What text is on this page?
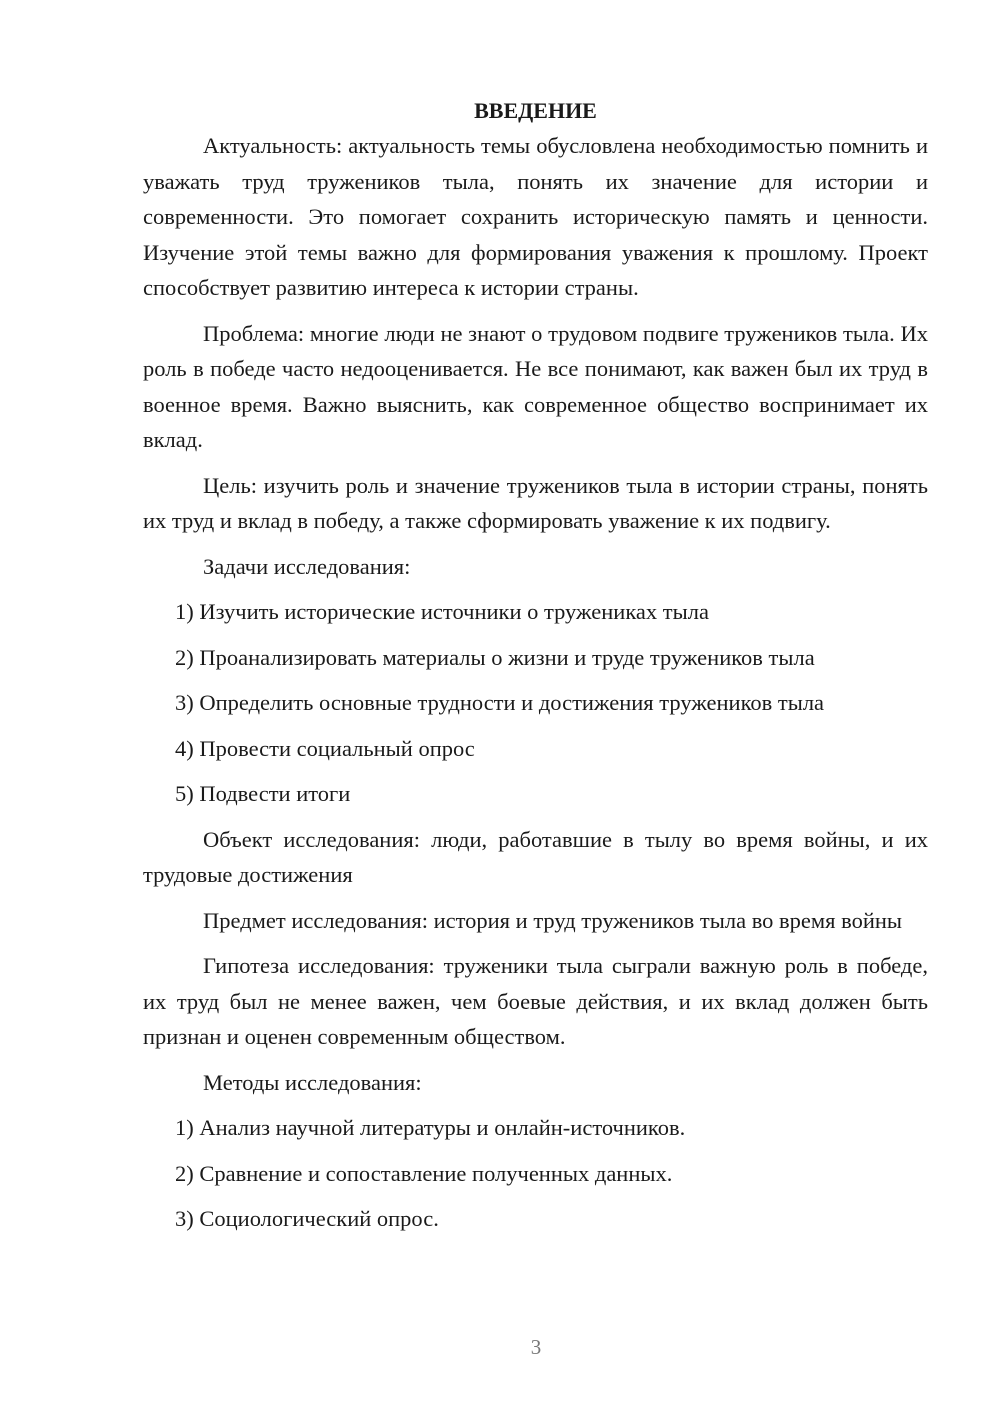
ВВЕДЕНИЕ

Актуальность: актуальность темы обусловлена необходимостью помнить и уважать труд тружеников тыла, понять их значение для истории и современности. Это помогает сохранить историческую память и ценности. Изучение этой темы важно для формирования уважения к прошлому. Проект способствует развитию интереса к истории страны.

Проблема: многие люди не знают о трудовом подвиге тружеников тыла. Их роль в победе часто недооценивается. Не все понимают, как важен был их труд в военное время. Важно выяснить, как современное общество воспринимает их вклад.

Цель: изучить роль и значение тружеников тыла в истории страны, понять их труд и вклад в победу, а также сформировать уважение к их подвигу.

Задачи исследования:
1) Изучить исторические источники о тружениках тыла
2) Проанализировать материалы о жизни и труде тружеников тыла
3) Определить основные трудности и достижения тружеников тыла
4) Провести социальный опрос
5) Подвести итоги

Объект исследования: люди, работавшие в тылу во время войны, и их трудовые достижения

Предмет исследования: история и труд тружеников тыла во время войны

Гипотеза исследования: труженики тыла сыграли важную роль в победе, их труд был не менее важен, чем боевые действия, и их вклад должен быть признан и оценен современным обществом.

Методы исследования:
1) Анализ научной литературы и онлайн-источников.
2) Сравнение и сопоставление полученных данных.
3) Социологический опрос.
3
